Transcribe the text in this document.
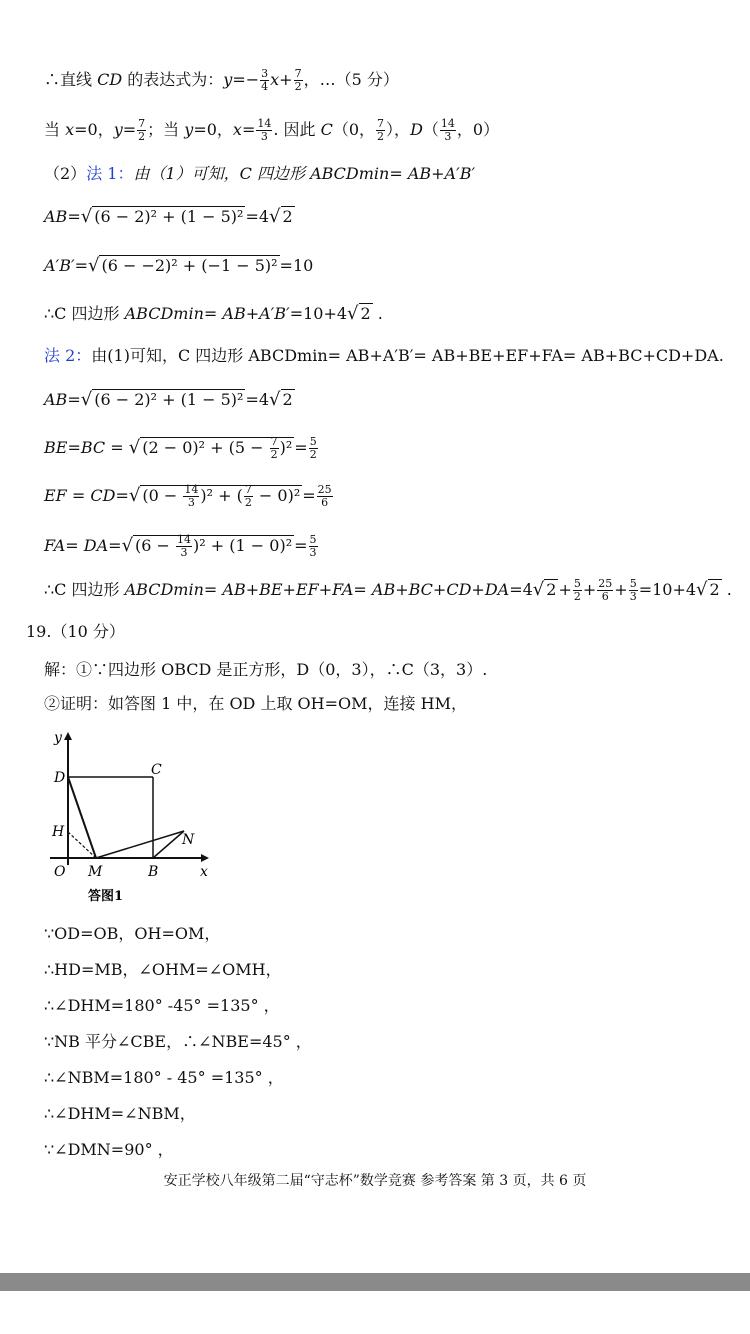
∴直线 CD 的表达式为：$y=- \frac{3}{4} x+ \frac{7}{2}$ ，…（5 分）
当 x=0，$y= \frac{7}{2}$ ；当 y=0，$x= \frac{14}{3}$ . 因此 C（0， $\frac{7}{2}$ ），$D( \frac{14}{3}$ ，0）
（2）法 1：由（1）可知，C 四边形 ABCDmin= AB+A′B′
AB=√ (6 − 2)² + (1 − 5)² =4√ 2
A′B′=√ (6 − −2)² + (−1 − 5)² =10
∴C 四边形 ABCDmin= AB+A′B′=10+4√ 2 .
法 2：由(1)可知，C 四边形 ABCDmin= AB+A′B′= AB+BE+EF+FA= AB+BC+CD+DA.
AB=√ (6 − 2)² + (1 − 5)² =4√ 2
BE=BC = √ $(2 - 0)^2 + (5 - \frac{7}{2} )^2 = \frac{5}{2}$
EF = CD=√ $(0 - \frac{14}{3} )^2$ + ( $\frac{7}{2} - 0)^2 = \frac{25}{6}$
FA= DA=√ $(6 - \frac{14}{3} )^2 + (1 - 0)^2 = \frac{5}{3}$
∴C 四边形 ABCDmin= AB+BE+EF+FA= AB+BC+CD+DA=4√ $2 + \frac{5}{2} + \frac{25}{6} + \frac{5}{3} =10+4√$ 2 .
19.（10 分）
解：①∵四边形 OBCD 是正方形，D（0，3），∴C（3，3）.
②证明：如答图 1 中，在 OD 上取 OH=OM，连接 HM，
y
x
D	C
H	N
O M	B
答图1
∵OD=OB，OH=OM，
∴HD=MB，∠OHM=∠OMH，
∴∠DHM=180° ‑45° =135° ，
∵NB 平分∠CBE，∴∠NBE=45° ，
∴∠NBM=180° ‑ 45° =135° ，
∴∠DHM=∠NBM，
∵∠DMN=90° ，
安正学校八年级第二届“守志杯”数学竞赛 参考答案 第 3 页，共 6 页
